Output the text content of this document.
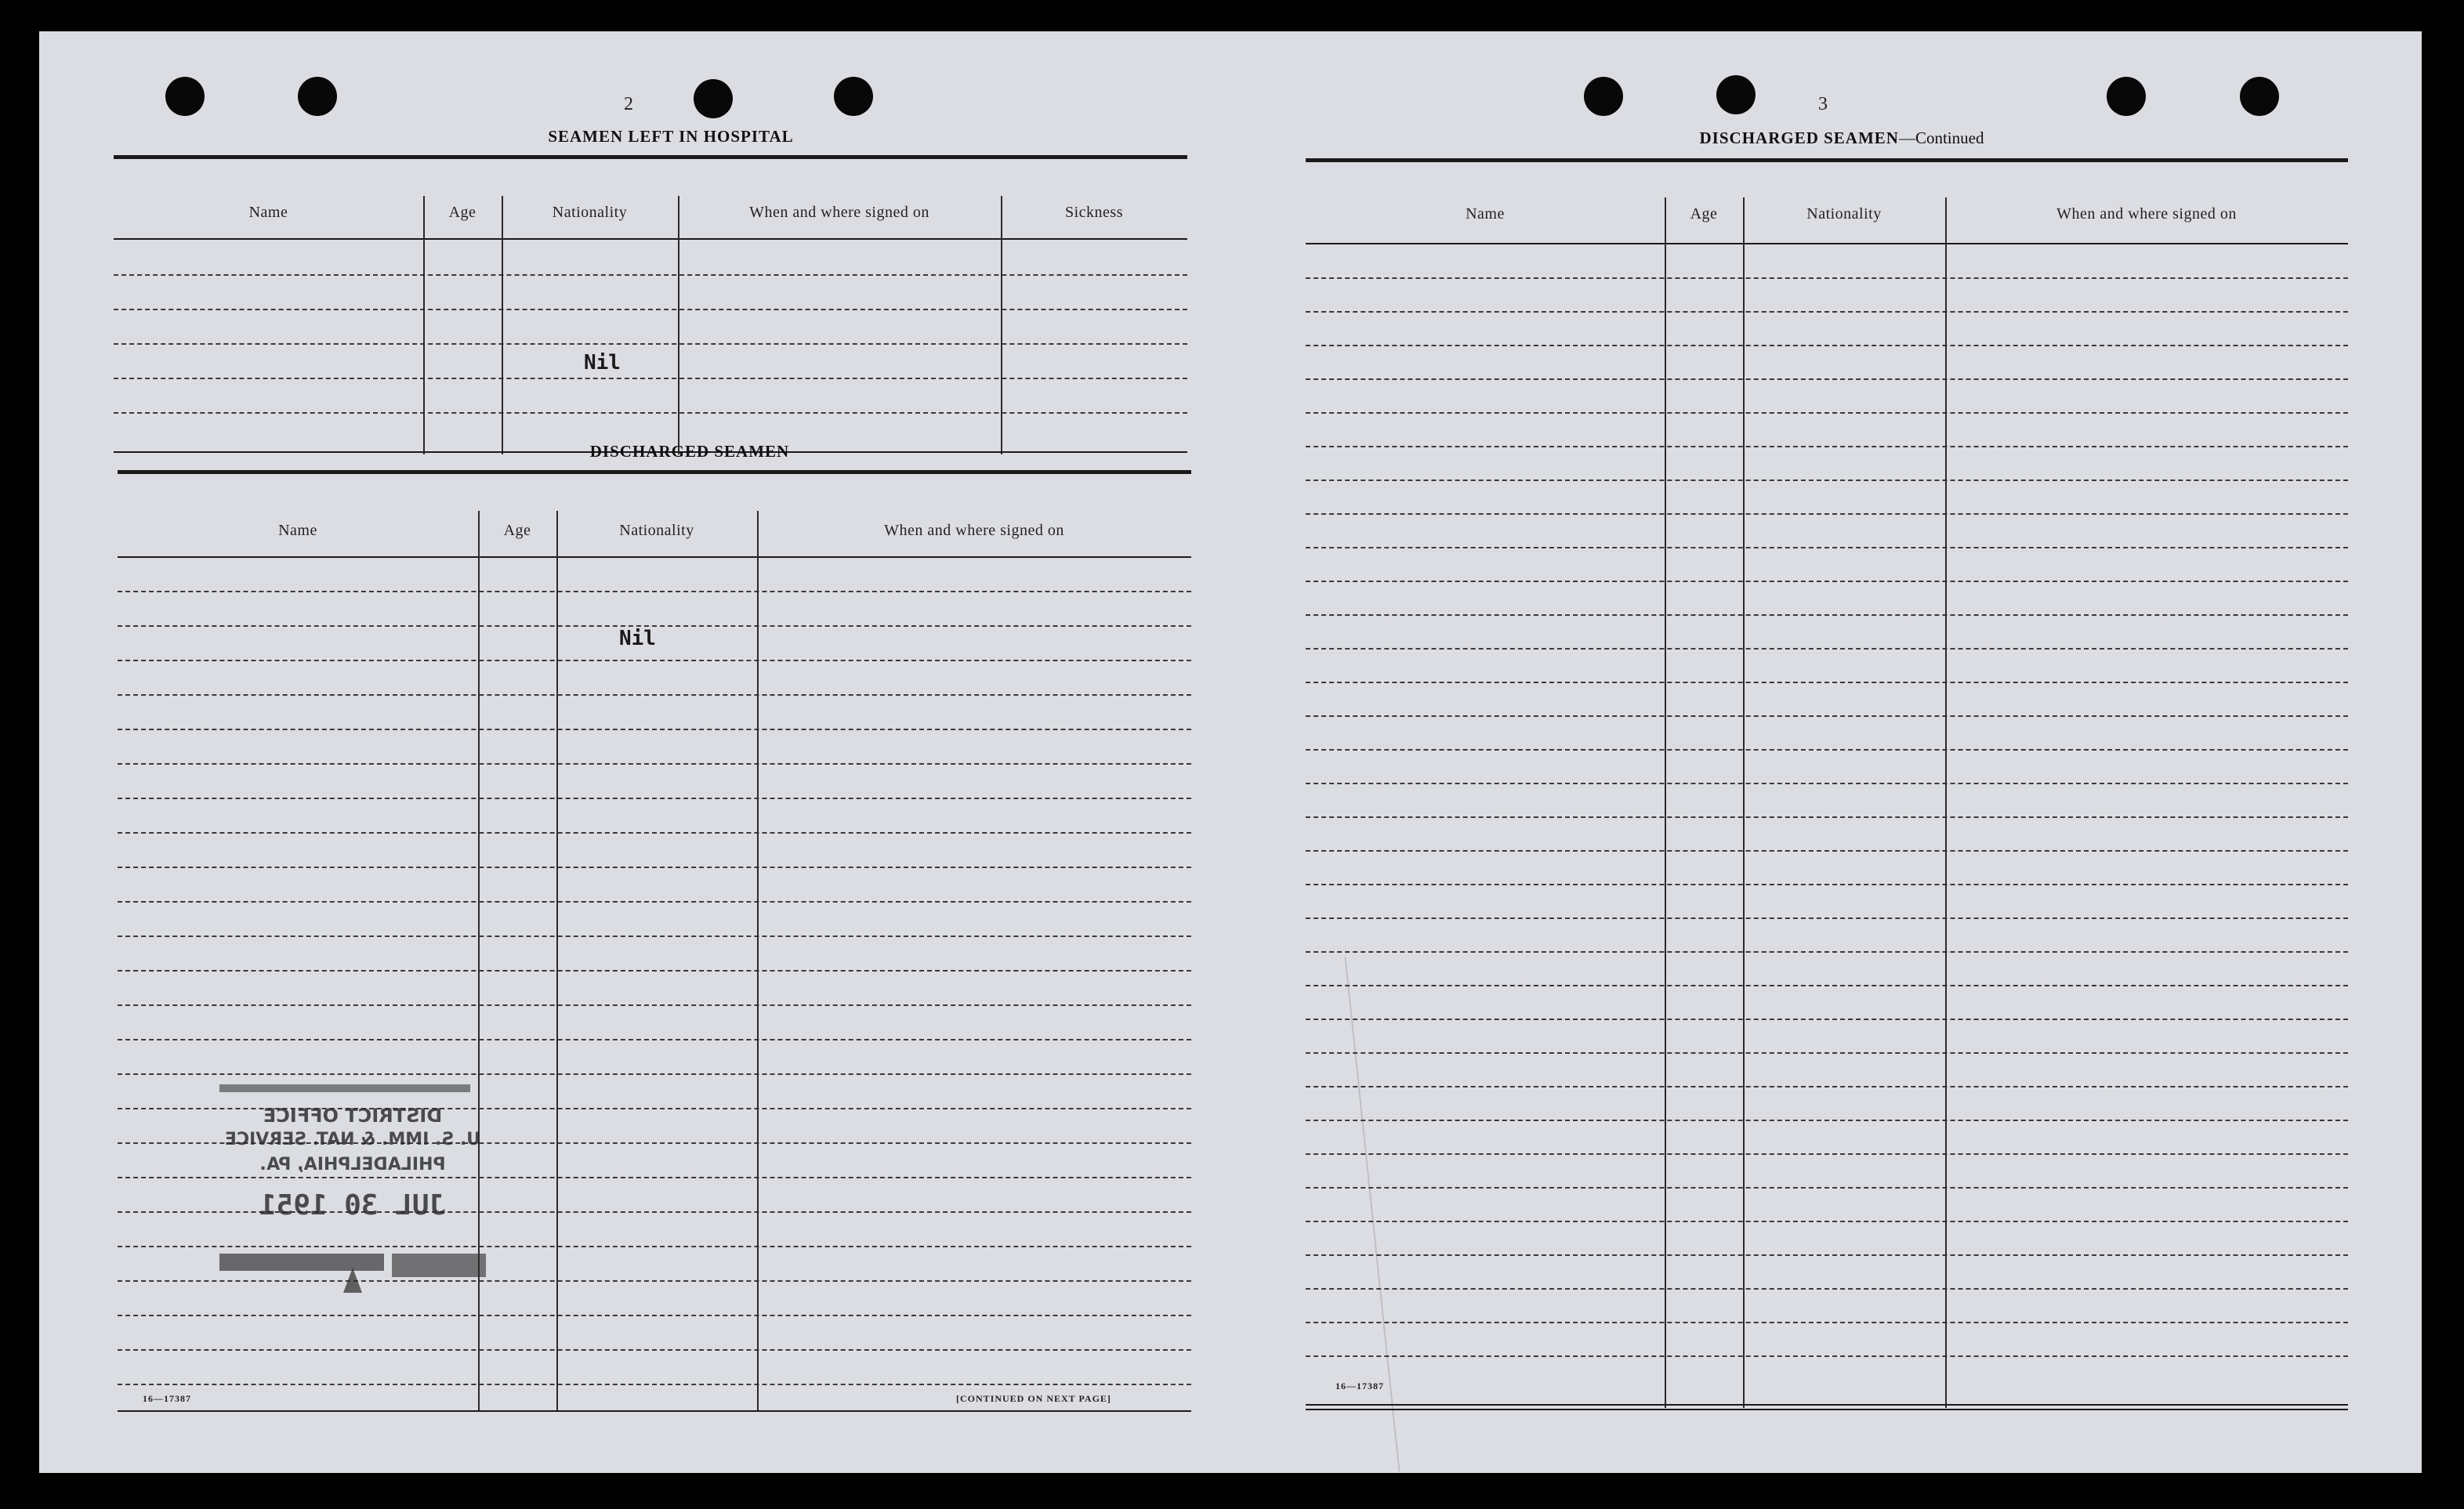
2
SEAMEN LEFT IN HOSPITAL
Name	Age	Nationality	When and where signed on	Sickness
Nil
DISCHARGED SEAMEN
Name	Age	Nationality	When and where signed on
Nil
DISTRICT OFFICE
U. S. IMM. & NAT. SERVICE
PHILADELPHIA, PA.
JUL 30 1951
16—17387	[CONTINUED ON NEXT PAGE]
3
DISCHARGED SEAMEN—Continued
Name	Age	Nationality	When and where signed on
16—17387
